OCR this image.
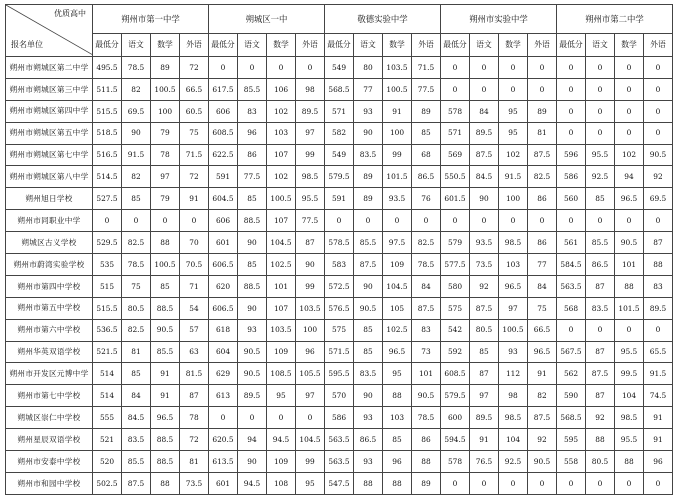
优质高中
报名单位	朔州市第一中学				朔城区一中				敬德实验中学				朔州市实验中学				朔州市第二中学			
	最低分	语文	数学	外语	最低分	语文	数学	外语	最低分	语文	数学	外语	最低分	语文	数学	外语	最低分	语文	数学	外语
朔州市朔城区第二中学	495.5	78.5	89	72	0	0	0	0	549	80	103.5	71.5	0	0	0	0	0	0	0	0
朔州市朔城区第三中学	511.5	82	100.5	66.5	617.5	85.5	106	98	568.5	77	100.5	77.5	0	0	0	0	0	0	0	0
朔州市朔城区第四中学	515.5	69.5	100	60.5	606	83	102	89.5	571	93	91	89	578	84	95	89	0	0	0	0
朔州市朔城区第五中学	518.5	90	79	75	608.5	96	103	97	582	90	100	85	571	89.5	95	81	0	0	0	0
朔州市朔城区第七中学	516.5	91.5	78	71.5	622.5	86	107	99	549	83.5	99	68	569	87.5	102	87.5	596	95.5	102	90.5
朔州市朔城区第八中学	514.5	82	97	72	591	77.5	102	98.5	579.5	89	101.5	86.5	550.5	84.5	91.5	82.5	586	92.5	94	92
朔州旭日学校	527.5	85	79	91	604.5	85	100.5	95.5	591	89	93.5	76	601.5	90	100	86	560	85	96.5	69.5
朔州市同职业中学	0	0	0	0	606	88.5	107	77.5	0	0	0	0	0	0	0	0	0	0	0	0
朔城区古义学校	529.5	82.5	88	70	601	90	104.5	87	578.5	85.5	97.5	82.5	579	93.5	98.5	86	561	85.5	90.5	87
朔州市蔚湾实验学校	535	78.5	100.5	70.5	606.5	85	102.5	90	583	87.5	109	78.5	577.5	73.5	103	77	584.5	86.5	101	88
朔州市第四中学校	515	75	85	71	620	88.5	101	99	572.5	90	104.5	84	580	92	96.5	84	563.5	87	88	83
朔州市第五中学校	515.5	80.5	88.5	54	606.5	90	107	103.5	576.5	90.5	105	87.5	575	87.5	97	75	568	83.5	101.5	89.5
朔州市第六中学校	536.5	82.5	90.5	57	618	93	103.5	100	575	85	102.5	83	542	80.5	100.5	66.5	0	0	0	0
朔州华英双语学校	521.5	81	85.5	63	604	90.5	109	96	571.5	85	96.5	73	592	85	93	96.5	567.5	87	95.5	65.5
朔州市开发区元博中学	514	85	91	81.5	629	90.5	108.5	105.5	595.5	83.5	95	101	608.5	87	112	91	562	87.5	99.5	91.5
朔州市第七中学校	514	84	91	87	613	89.5	95	97	570	90	88	90.5	579.5	97	98	82	590	87	104	74.5
朔城区崇仁中学校	555	84.5	96.5	78	0	0	0	0	586	93	103	78.5	600	89.5	98.5	87.5	568.5	92	98.5	91
朔州星辰双语学校	521	83.5	88.5	72	620.5	94	94.5	104.5	563.5	86.5	85	86	594.5	91	104	92	595	88	95.5	91
朔州市安泰中学校	520	85.5	88.5	81	613.5	90	109	99	563.5	93	96	88	578	76.5	92.5	90.5	558	80.5	88	96
朔州市和园中学校	502.5	87.5	88	73.5	601	94.5	108	95	547.5	88	88	89	0	0	0	0	0	0	0	0
